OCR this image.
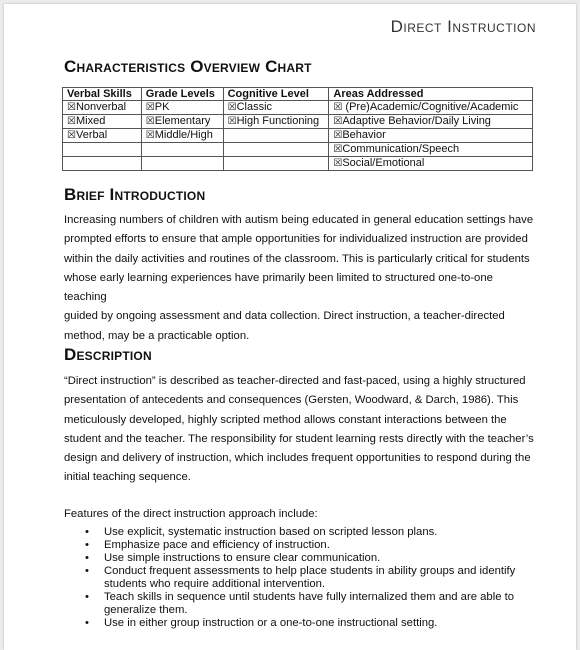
Direct Instruction
Characteristics Overview Chart
Verbal Skills	Grade Levels	Cognitive Level	Areas Addressed
☒Nonverbal	☒PK	☒Classic	☒ (Pre)Academic/Cognitive/Academic
☒Mixed	☒Elementary	☒High Functioning	☒Adaptive Behavior/Daily Living
☒Verbal	☒Middle/High		☒Behavior
			☒Communication/Speech
			☒Social/Emotional
Brief Introduction

Increasing numbers of children with autism being educated in general education settings have
prompted efforts to ensure that ample opportunities for individualized instruction are provided
within the daily activities and routines of the classroom. This is particularly critical for students
whose early learning experiences have primarily been limited to structured one-to-one teaching
guided by ongoing assessment and data collection. Direct instruction, a teacher-directed
method, may be a practicable option.

Description

“Direct instruction” is described as teacher-directed and fast-paced, using a highly structured
presentation of antecedents and consequences (Gersten, Woodward, & Darch, 1986). This
meticulously developed, highly scripted method allows constant interactions between the
student and the teacher. The responsibility for student learning rests directly with the teacher’s
design and delivery of instruction, which includes frequent opportunities to respond during the
initial teaching sequence.

Features of the direct instruction approach include:

• Use explicit, systematic instruction based on scripted lesson plans.
• Emphasize pace and efficiency of instruction.
• Use simple instructions to ensure clear communication.
• Conduct frequent assessments to help place students in ability groups and identify
students who require additional intervention.
• Teach skills in sequence until students have fully internalized them and are able to
generalize them.
• Use in either group instruction or a one-to-one instructional setting.
